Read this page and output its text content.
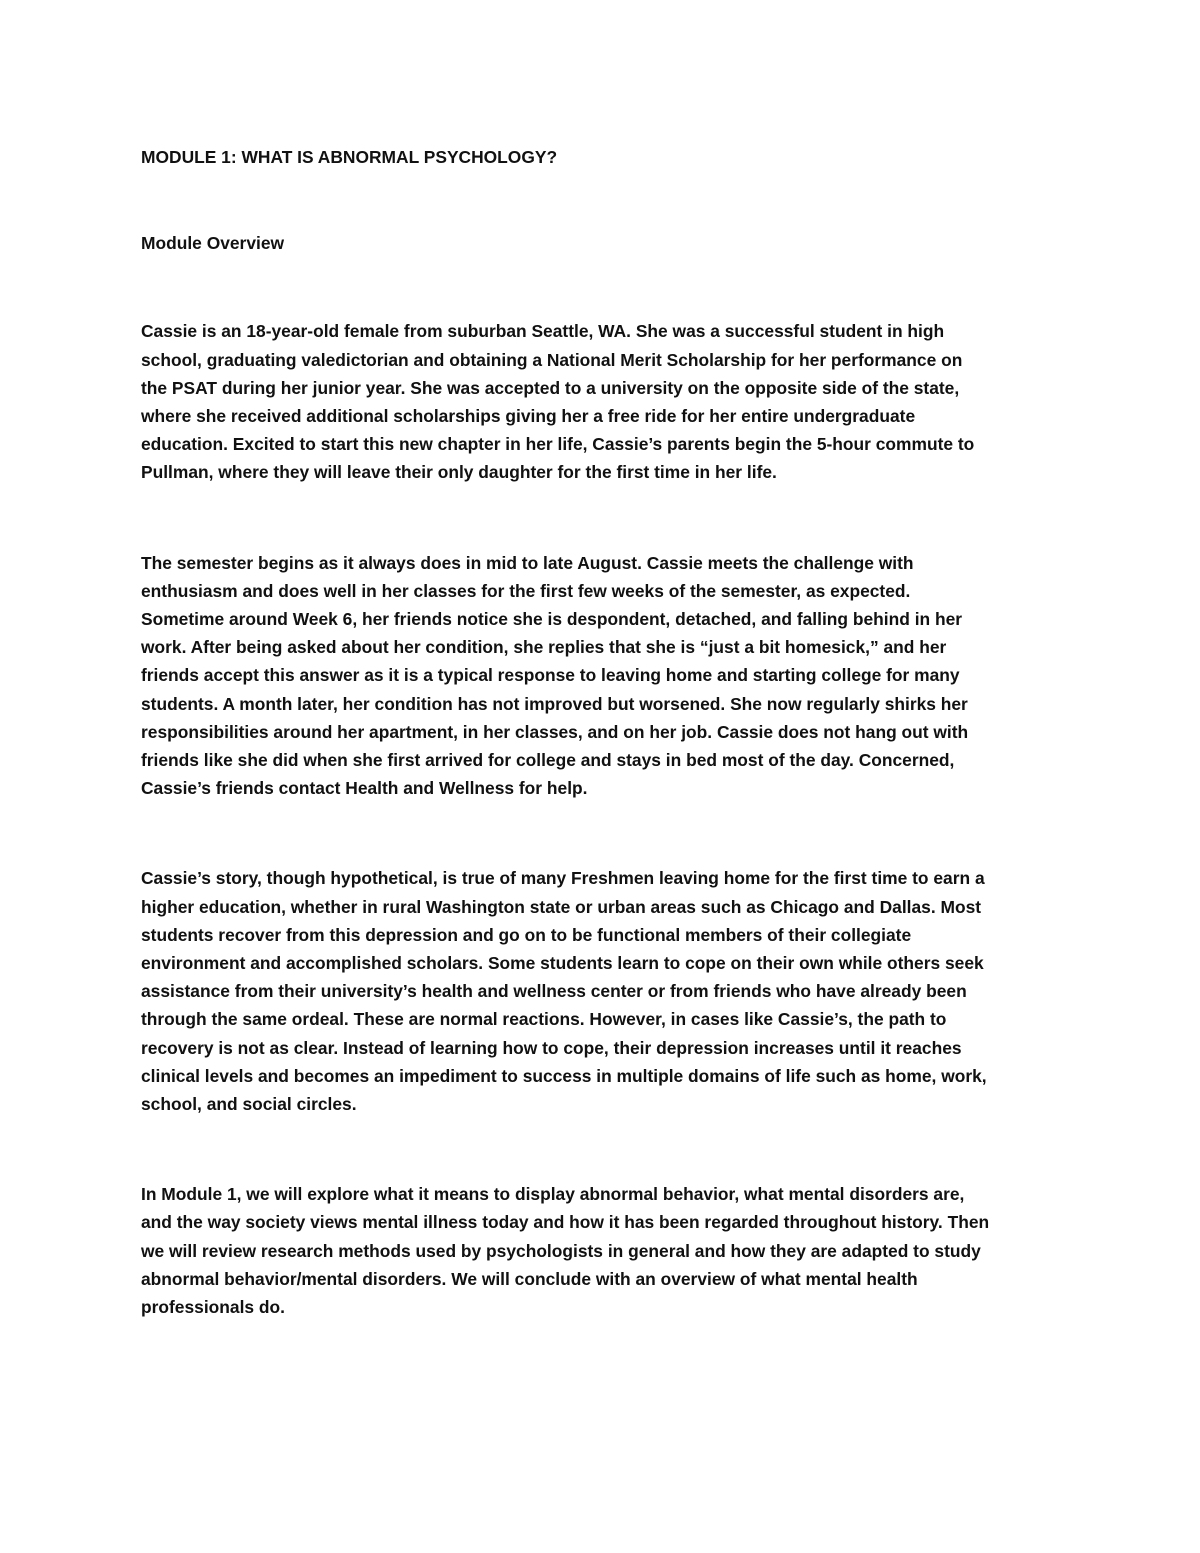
MODULE 1: WHAT IS ABNORMAL PSYCHOLOGY?
Module Overview
Cassie is an 18-year-old female from suburban Seattle, WA. She was a successful student in high
school, graduating valedictorian and obtaining a National Merit Scholarship for her performance on
the PSAT during her junior year. She was accepted to a university on the opposite side of the state,
where she received additional scholarships giving her a free ride for her entire undergraduate
education. Excited to start this new chapter in her life, Cassie’s parents begin the 5-hour commute to
Pullman, where they will leave their only daughter for the first time in her life.
The semester begins as it always does in mid to late August. Cassie meets the challenge with
enthusiasm and does well in her classes for the first few weeks of the semester, as expected.
Sometime around Week 6, her friends notice she is despondent, detached, and falling behind in her
work. After being asked about her condition, she replies that she is “just a bit homesick,” and her
friends accept this answer as it is a typical response to leaving home and starting college for many
students. A month later, her condition has not improved but worsened. She now regularly shirks her
responsibilities around her apartment, in her classes, and on her job. Cassie does not hang out with
friends like she did when she first arrived for college and stays in bed most of the day. Concerned,
Cassie’s friends contact Health and Wellness for help.
Cassie’s story, though hypothetical, is true of many Freshmen leaving home for the first time to earn a
higher education, whether in rural Washington state or urban areas such as Chicago and Dallas. Most
students recover from this depression and go on to be functional members of their collegiate
environment and accomplished scholars. Some students learn to cope on their own while others seek
assistance from their university’s health and wellness center or from friends who have already been
through the same ordeal. These are normal reactions. However, in cases like Cassie’s, the path to
recovery is not as clear. Instead of learning how to cope, their depression increases until it reaches
clinical levels and becomes an impediment to success in multiple domains of life such as home, work,
school, and social circles.
In Module 1, we will explore what it means to display abnormal behavior, what mental disorders are,
and the way society views mental illness today and how it has been regarded throughout history. Then
we will review research methods used by psychologists in general and how they are adapted to study
abnormal behavior/mental disorders. We will conclude with an overview of what mental health
professionals do.
